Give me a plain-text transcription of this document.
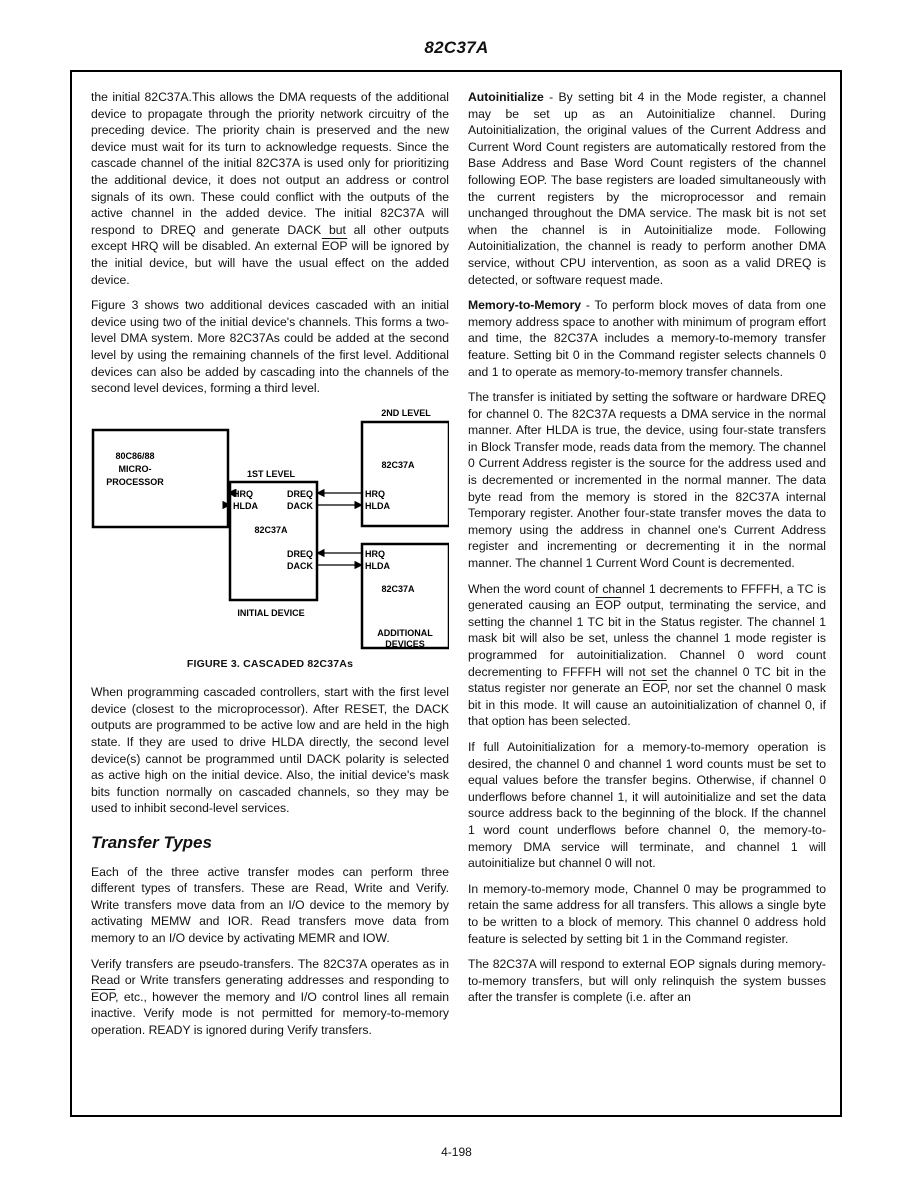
82C37A

the initial 82C37A.This allows the DMA requests of the additional device to propagate through the priority network circuitry of the preceding device. The priority chain is preserved and the new device must wait for its turn to acknowledge requests. Since the cascade channel of the initial 82C37A is used only for prioritizing the additional device, it does not output an address or control signals of its own. These could conflict with the outputs of the active channel in the added device. The initial 82C37A will respond to DREQ and generate DACK but all other outputs except HRQ will be disabled. An external $\overline{EOP}$ will be ignored by the initial device, but will have the usual effect on the added device.

Figure 3 shows two additional devices cascaded with an initial device using two of the initial device's channels. This forms a two-level DMA system. More 82C37As could be added at the second level by using the remaining channels of the first level. Additional devices can also be added by cascading into the channels of the second level devices, forming a third level.

2ND LEVEL
80C86/88
MICRO-
PROCESSOR
1ST LEVEL
HRQ
HLDA
DREQ
DACK
82C37A
DREQ
DACK
INITIAL DEVICE
HRQ
HLDA
82C37A
HRQ
HLDA
82C37A
ADDITIONAL
DEVICES
FIGURE 3. CASCADED 82C37As

When programming cascaded controllers, start with the first level device (closest to the microprocessor). After RESET, the DACK outputs are programmed to be active low and are held in the high state. If they are used to drive HLDA directly, the second level device(s) cannot be programmed until DACK polarity is selected as active high on the initial device. Also, the initial device's mask bits function normally on cascaded channels, so they may be used to inhibit second-level services.

Transfer Types

Each of the three active transfer modes can perform three different types of transfers. These are Read, Write and Verify. Write transfers move data from an I/O device to the memory by activating MEMW and IOR. Read transfers move data from memory to an I/O device by activating MEMR and IOW.

Verify transfers are pseudo-transfers. The 82C37A operates as in Read or Write transfers generating addresses and responding to $\overline{EOP}$, etc., however the memory and I/O control lines all remain inactive. Verify mode is not permitted for memory-to-memory operation. READY is ignored during Verify transfers.

Autoinitialize - By setting bit 4 in the Mode register, a channel may be set up as an Autoinitialize channel. During Autoinitialization, the original values of the Current Address and Current Word Count registers are automatically restored from the Base Address and Base Word Count registers of the channel following EOP. The base registers are loaded simultaneously with the current registers by the microprocessor and remain unchanged throughout the DMA service. The mask bit is not set when the channel is in Autoinitialize mode. Following Autoinitialization, the channel is ready to perform another DMA service, without CPU intervention, as soon as a valid DREQ is detected, or software request made.

Memory-to-Memory - To perform block moves of data from one memory address space to another with minimum of program effort and time, the 82C37A includes a memory-to-memory transfer feature. Setting bit 0 in the Command register selects channels 0 and 1 to operate as memory-to-memory transfer channels.

The transfer is initiated by setting the software or hardware DREQ for channel 0. The 82C37A requests a DMA service in the normal manner. After HLDA is true, the device, using four-state transfers in Block Transfer mode, reads data from the memory. The channel 0 Current Address register is the source for the address used and is decremented or incremented in the normal manner. The data byte read from the memory is stored in the 82C37A internal Temporary register. Another four-state transfer moves the data to memory using the address in channel one's Current Address register and incrementing or decrementing it in the normal manner. The channel 1 Current Word Count is decremented.

When the word count of channel 1 decrements to FFFFH, a TC is generated causing an $\overline{EOP}$ output, terminating the service, and setting the channel 1 TC bit in the Status register. The channel 1 mask bit will also be set, unless the channel 1 mode register is programmed for autoinitialization. Channel 0 word count decrementing to FFFFH will not set the channel 0 TC bit in the status register nor generate an $\overline{EOP}$, nor set the channel 0 mask bit in this mode. It will cause an autoinitialization of channel 0, if that option has been selected.

If full Autoinitialization for a memory-to-memory operation is desired, the channel 0 and channel 1 word counts must be set to equal values before the transfer begins. Otherwise, if channel 0 underflows before channel 1, it will autoinitialize and set the data source address back to the beginning of the block. If the channel 1 word count underflows before channel 0, the memory-to-memory DMA service will terminate, and channel 1 will autoinitialize but channel 0 will not.

In memory-to-memory mode, Channel 0 may be programmed to retain the same address for all transfers. This allows a single byte to be written to a block of memory. This channel 0 address hold feature is selected by setting bit 1 in the Command register.

The 82C37A will respond to external EOP signals during memory-to-memory transfers, but will only relinquish the system busses after the transfer is complete (i.e. after an

4-198
